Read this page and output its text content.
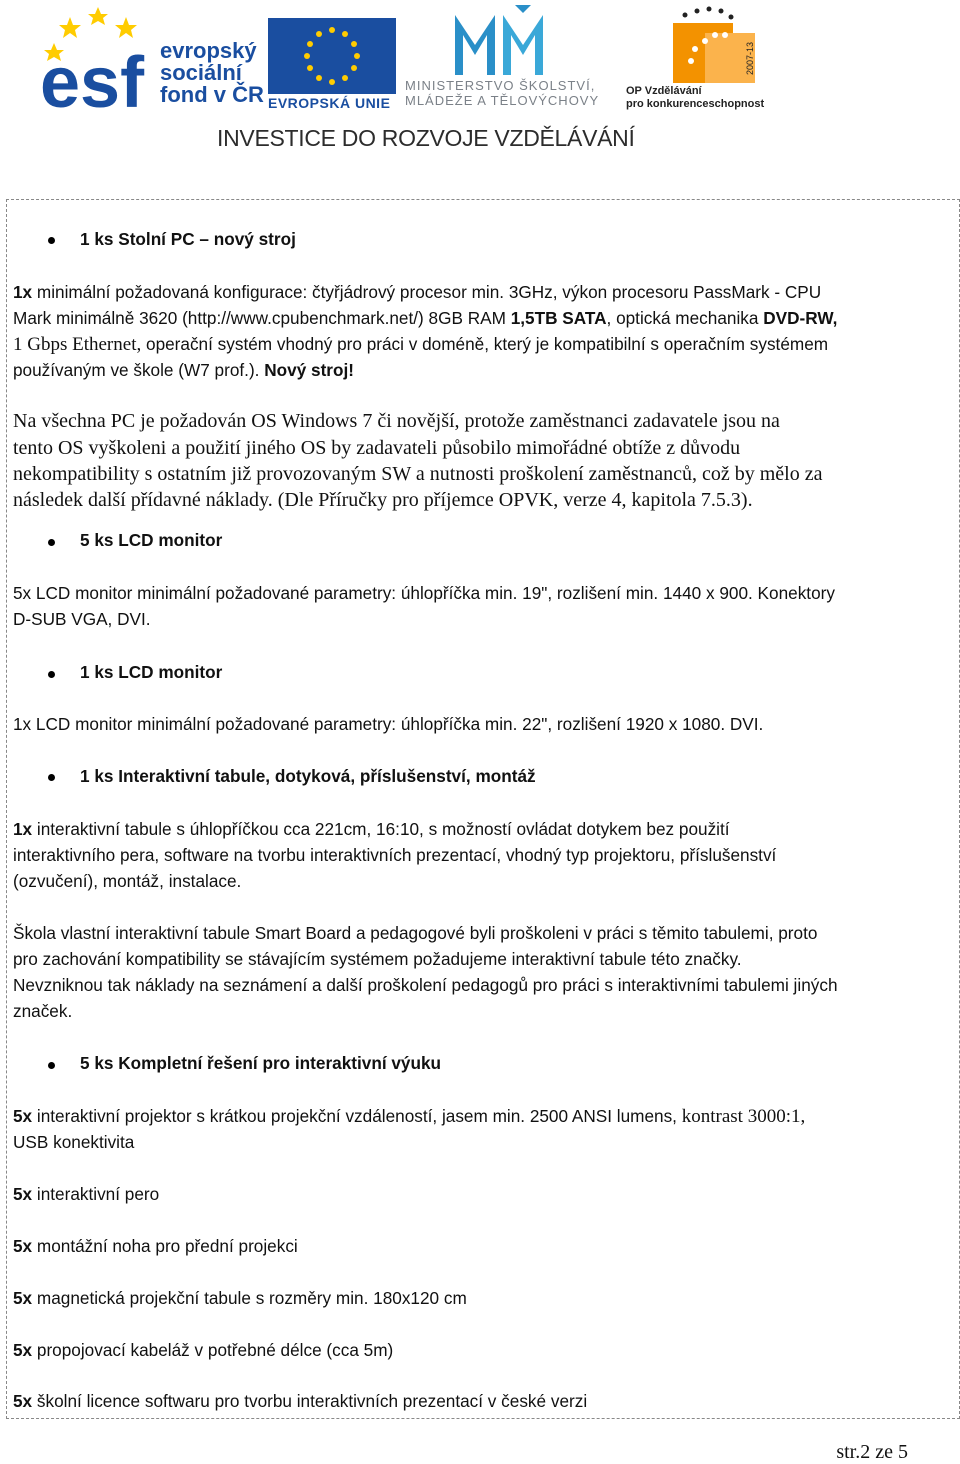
esf evropský
sociální
fond v ČR EVROPSKÁ UNIE
MINISTERSTVO ŠKOLSTVÍ,
MLÁDEŽE A TĚLOVÝCHOVY
2007-13
OP Vzdělávání
pro konkurenceschopnost
INVESTICE DO ROZVOJE VZDĚLÁVÁNÍ
1 ks Stolní PC – nový stroj
1x minimální požadovaná konfigurace: čtyřjádrový procesor min. 3GHz, výkon procesoru PassMark - CPU
Mark minimálně 3620 (http://www.cpubenchmark.net/) 8GB RAM 1,5TB SATA, optická mechanika DVD-RW,
1 Gbps Ethernet, operační systém vhodný pro práci v doméně, který je kompatibilní s operačním systémem
používaným ve škole (W7 prof.). Nový stroj!
Na všechna PC je požadován OS Windows 7 či novější, protože zaměstnanci zadavatele jsou na
tento OS vyškoleni a použití jiného OS by zadavateli působilo mimořádné obtíže z důvodu
nekompatibility s ostatním již provozovaným SW a nutnosti proškolení zaměstnanců, což by mělo za
následek další přídavné náklady. (Dle Příručky pro příjemce OPVK, verze 4, kapitola 7.5.3).
5 ks LCD monitor
5x LCD monitor minimální požadované parametry: úhlopříčka min. 19", rozlišení min. 1440 x 900. Konektory
D-SUB VGA, DVI.
1 ks LCD monitor
1x LCD monitor minimální požadované parametry: úhlopříčka min. 22", rozlišení 1920 x 1080. DVI.
1 ks Interaktivní tabule, dotyková, příslušenství, montáž
1x interaktivní tabule s úhlopříčkou cca 221cm, 16:10, s možností ovládat dotykem bez použití
interaktivního pera, software na tvorbu interaktivních prezentací, vhodný typ projektoru, příslušenství
(ozvučení), montáž, instalace.
Škola vlastní interaktivní tabule Smart Board a pedagogové byli proškoleni v práci s těmito tabulemi, proto
pro zachování kompatibility se stávajícím systémem požadujeme interaktivní tabule této značky.
Nevzniknou tak náklady na seznámení a další proškolení pedagogů pro práci s interaktivními tabulemi jiných
značek.
5 ks Kompletní řešení pro interaktivní výuku
5x interaktivní projektor s krátkou projekční vzdáleností, jasem min. 2500 ANSI lumens, kontrast 3000:1,
USB konektivita
5x interaktivní pero
5x montážní noha pro přední projekci
5x magnetická projekční tabule s rozměry min. 180x120 cm
5x propojovací kabeláž v potřebné délce (cca 5m)
5x školní licence softwaru pro tvorbu interaktivních prezentací v české verzi
str.2 ze 5
